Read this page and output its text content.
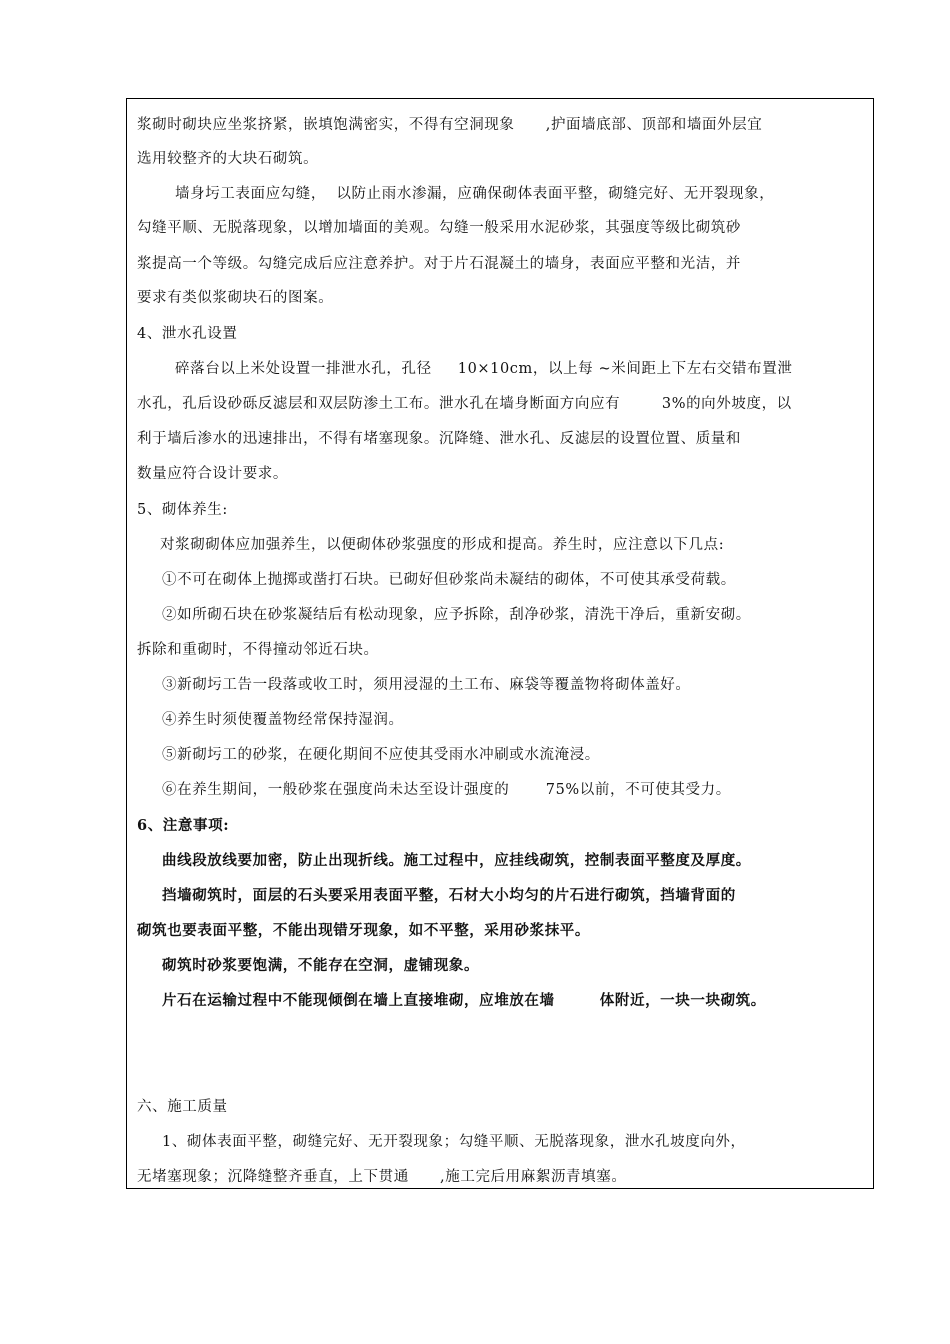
浆砌时砌块应坐浆挤紧，嵌填饱满密实，不得有空洞现象      ,护面墙底部、顶部和墙面外层宜
选用较整齐的大块石砌筑。
墙身圬工表面应勾缝，  以防止雨水渗漏，应确保砌体表面平整，砌缝完好、无开裂现象，
勾缝平顺、无脱落现象，以增加墙面的美观。勾缝一般采用水泥砂浆，其强度等级比砌筑砂
浆提高一个等级。勾缝完成后应注意养护。对于片石混凝土的墙身，表面应平整和光洁，并
要求有类似浆砌块石的图案。
4、泄水孔设置
碎落台以上米处设置一排泄水孔，孔径     10×10cm，以上每 ~米间距上下左右交错布置泄
水孔，孔后设砂砾反滤层和双层防渗土工布。泄水孔在墙身断面方向应有        3%的向外坡度，以
利于墙后渗水的迅速排出，不得有堵塞现象。沉降缝、泄水孔、反滤层的设置位置、质量和
数量应符合设计要求。
5、砌体养生:
对浆砌砌体应加强养生，以便砌体砂浆强度的形成和提高。养生时，应注意以下几点:
①不可在砌体上抛掷或凿打石块。已砌好但砂浆尚未凝结的砌体，不可使其承受荷载。
②如所砌石块在砂浆凝结后有松动现象，应予拆除，刮净砂浆，清洗干净后，重新安砌。
拆除和重砌时，不得撞动邻近石块。
③新砌圬工告一段落或收工时，须用浸湿的土工布、麻袋等覆盖物将砌体盖好。
④养生时须使覆盖物经常保持湿润。
⑤新砌圬工的砂浆，在硬化期间不应使其受雨水冲刷或水流淹浸。
⑥在养生期间，一般砂浆在强度尚未达至设计强度的       75%以前，不可使其受力。
6、注意事项:
曲线段放线要加密，防止出现折线。施工过程中，应挂线砌筑，控制表面平整度及厚度。
挡墙砌筑时，面层的石头要采用表面平整，石材大小均匀的片石进行砌筑，挡墙背面的
砌筑也要表面平整，不能出现错牙现象，如不平整，采用砂浆抹平。
砌筑时砂浆要饱满，不能存在空洞，虚铺现象。
片石在运输过程中不能现倾倒在墙上直接堆砌，应堆放在墙        体附近，一块一块砌筑。
六、施工质量
1、砌体表面平整，砌缝完好、无开裂现象；勾缝平顺、无脱落现象，泄水孔坡度向外，
无堵塞现象；沉降缝整齐垂直，上下贯通      ,施工完后用麻絮沥青填塞。
